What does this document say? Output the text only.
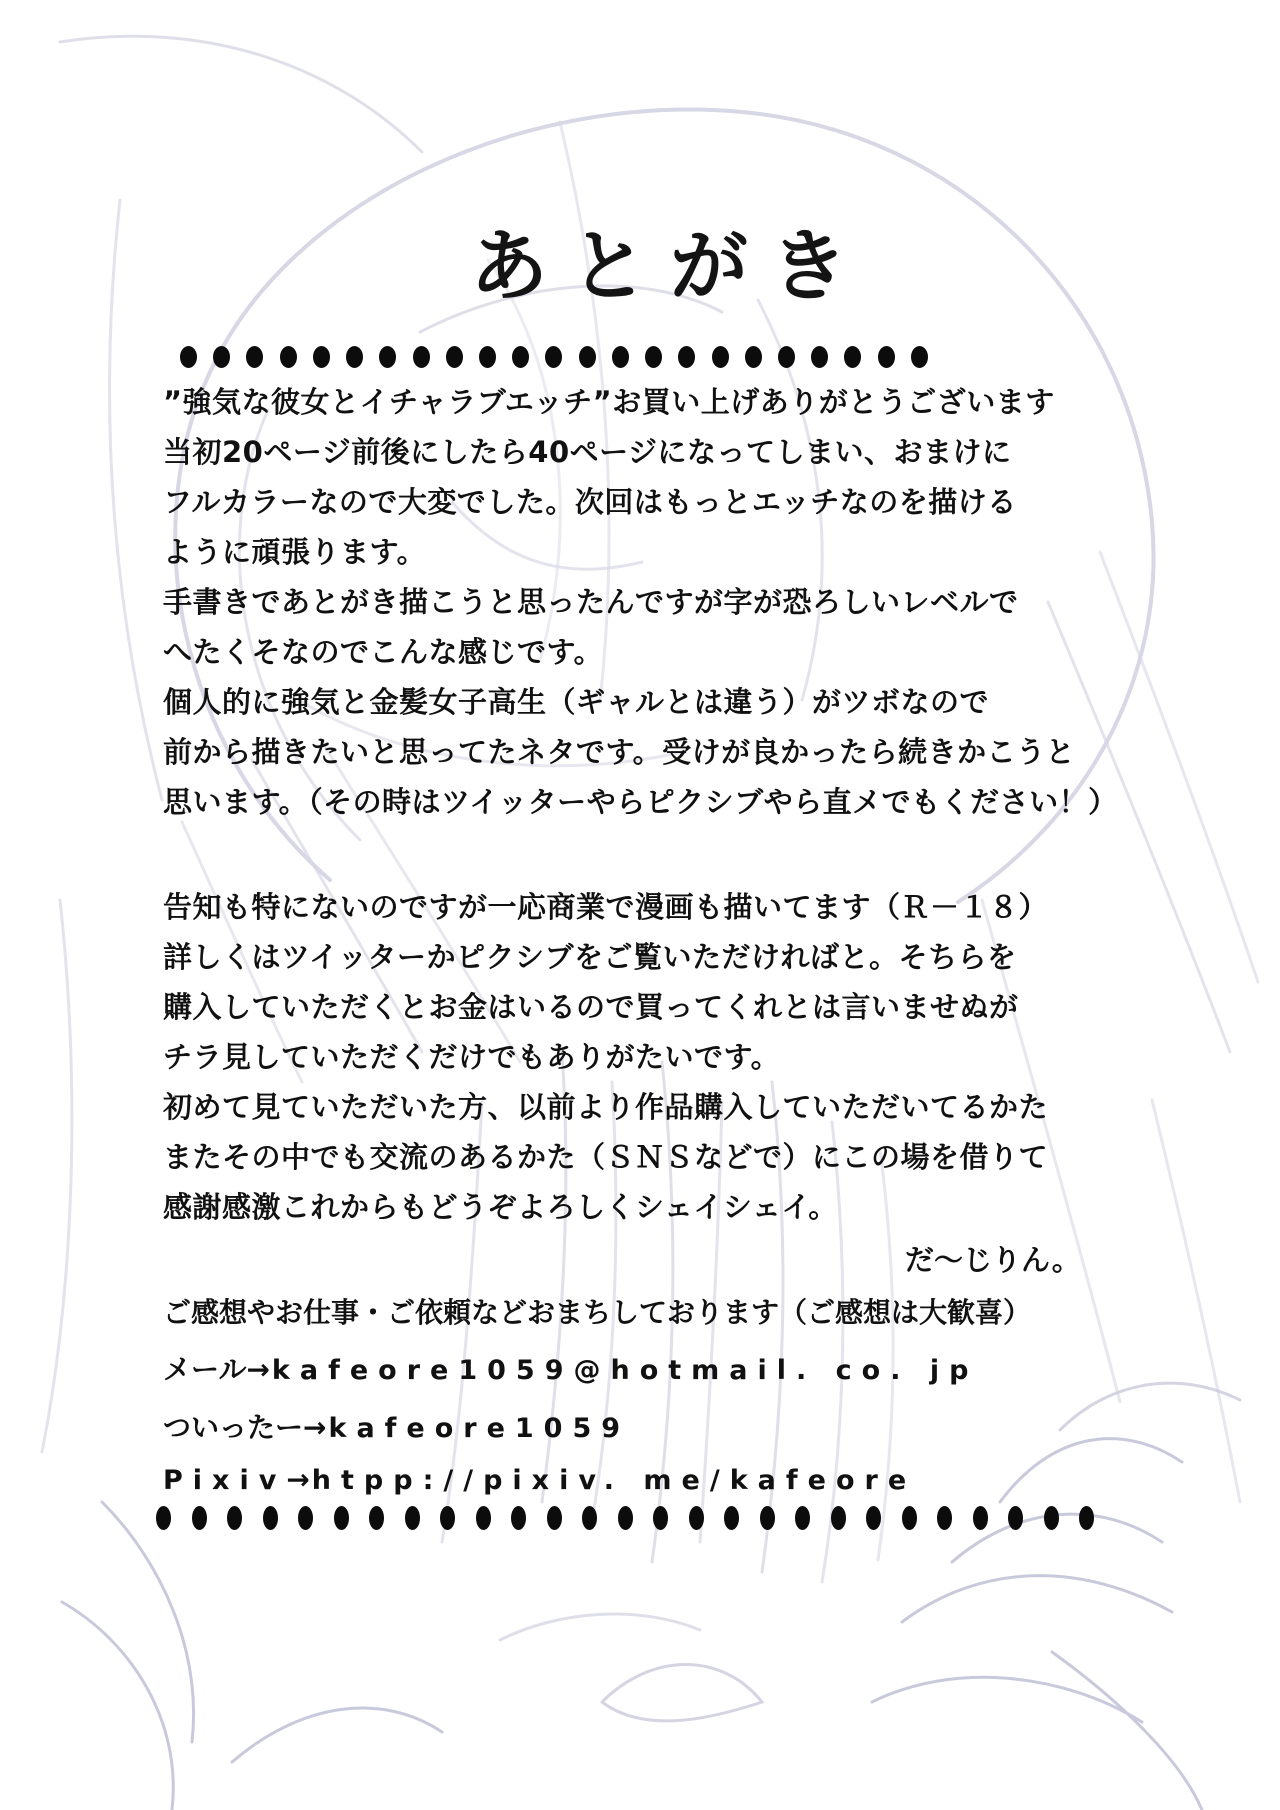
あとがき
”強気な彼女とイチャラブエッチ”お買い上げありがとうございます
当初20ページ前後にしたら40ページになってしまい、おまけに
フルカラーなので大変でした。次回はもっとエッチなのを描ける
ように頑張ります。
手書きであとがき描こうと思ったんですが字が恐ろしいレベルで
へたくそなのでこんな感じです。
個人的に強気と金髪女子高生（ギャルとは違う）がツボなので
前から描きたいと思ってたネタです。受けが良かったら続きかこうと
思います。（その時はツイッターやらピクシブやら直メでもください！）
告知も特にないのですが一応商業で漫画も描いてます（Ｒ－１８）
詳しくはツイッターかピクシブをご覧いただければと。そちらを
購入していただくとお金はいるので買ってくれとは言いませぬが
チラ見していただくだけでもありがたいです。
初めて見ていただいた方、以前より作品購入していただいてるかた
またその中でも交流のあるかた（ＳＮＳなどで）にこの場を借りて
感謝感激これからもどうぞよろしくシェイシェイ。
だ〜じりん。
ご感想やお仕事・ご依頼などおまちしております（ご感想は大歓喜）
メール→kafeore1059@hotmail. co. jp
ついったー→kafeore1059
Pixiv→htpp://pixiv. me/kafeore
